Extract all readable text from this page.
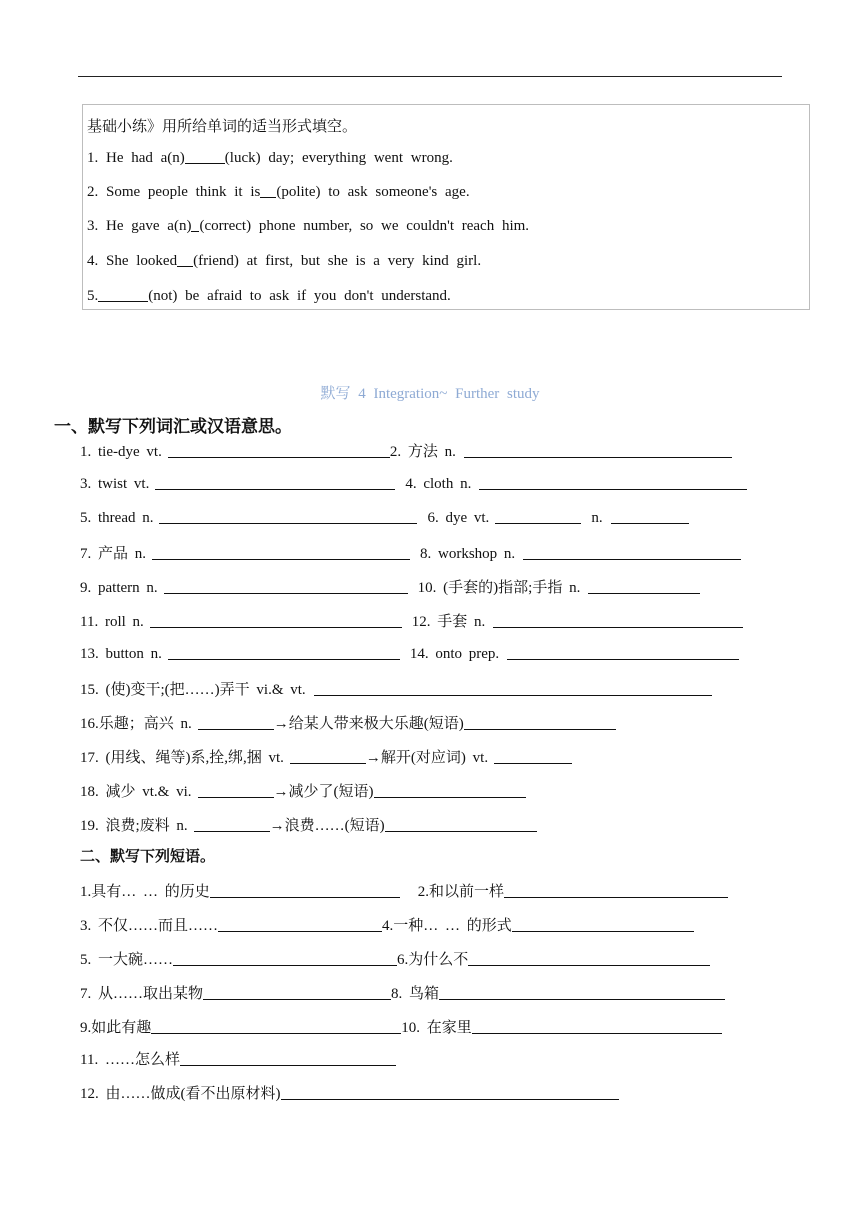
基础小练》用所给单词的适当形式填空。
1. He had a(n)	(luck) day; everything went wrong.
2. Some people think it is (polite) to ask someone's age.
3. He gave a(n) (correct) phone number, so we couldn't reach him.
4. She looked (friend) at first, but she is a very kind girl.
5.	(not) be afraid to ask if you don't understand.
默写 4 Integration~ Further study
一、默写下列词汇或汉语意思。
1. tie-dye vt.	2. 方法 n.
3. twist vt.	4. cloth n.
5. thread n.	6. dye vt.	n.
7. 产品 n.	8. workshop n.
9. pattern n.	10. (手套的)指部;手指 n.
11. roll n.	12. 手套 n.
13. button n.	14. onto prep.
15. (使)变干;(把……)弄干 vi.& vt.
16.乐趣；高兴 n.	→给某人带来极大乐趣(短语)
17. (用线、绳等)系,拴,绑,捆 vt.	→解开(对应词) vt.
18. 减少 vt.& vi.	→减少了(短语)
19. 浪费;废料 n.	→浪费……(短语)
二、默写下列短语。
1.具有… … 的历史	2.和以前一样
3. 不仅……而且……	4.一种… … 的形式
5. 一大碗……	6.为什么不
7. 从……取出某物	8. 鸟箱
9.如此有趣	10. 在家里
11. ……怎么样
12. 由……做成(看不出原材料)
